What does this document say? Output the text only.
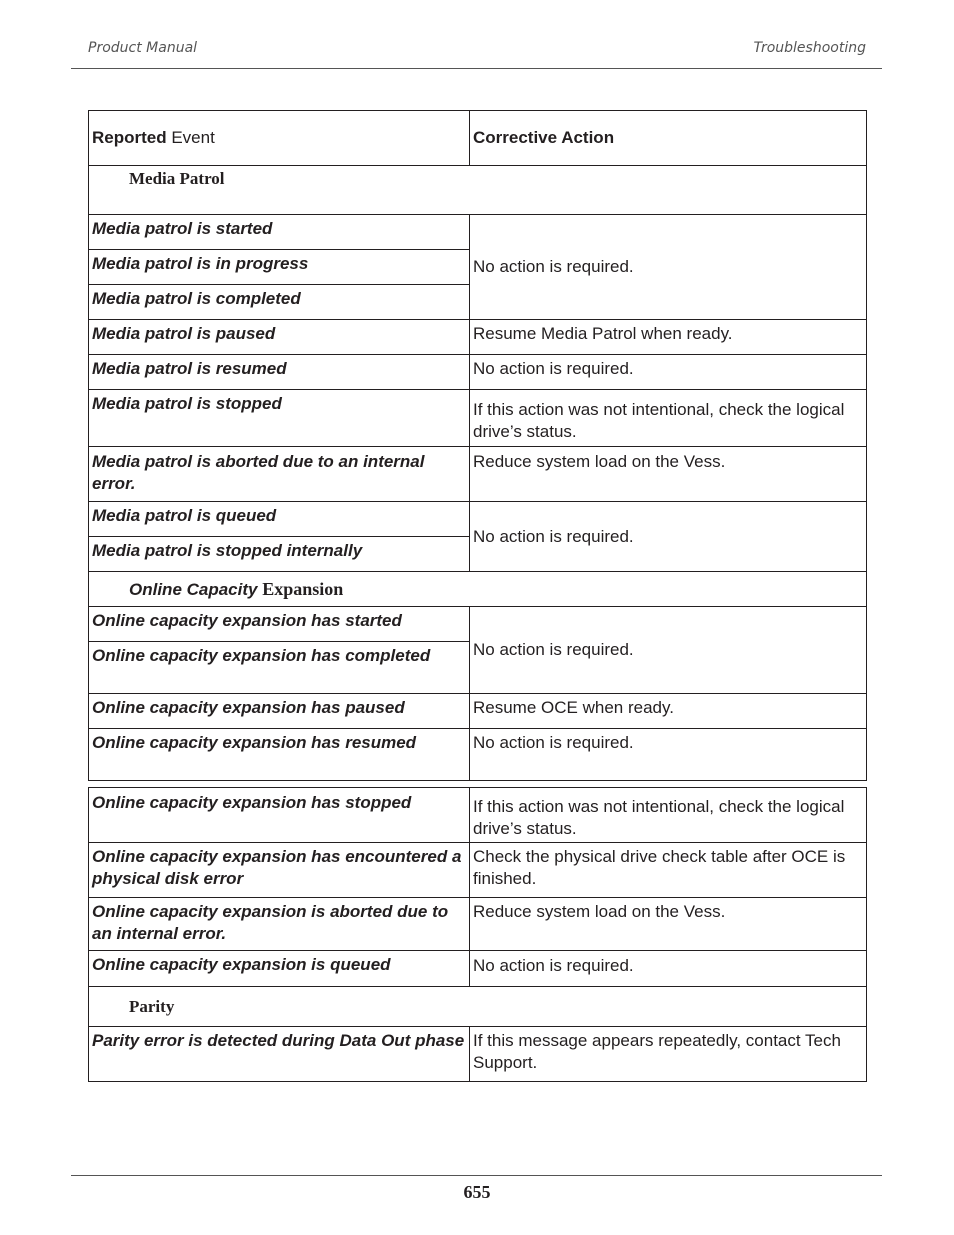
Product Manual	Troubleshooting
Reported Event	Corrective Action
Media Patrol	
Media patrol is started	No action is required.
Media patrol is in progress	
Media patrol is completed	
Media patrol is paused	Resume Media Patrol when ready.
Media patrol is resumed	No action is required.
Media patrol is stopped	If this action was not intentional, check the logical drive’s status.
Media patrol is aborted due to an internal error.	Reduce system load on the Vess.
Media patrol is queued	No action is required.
Media patrol is stopped internally	
Online Capacity Expansion	
Online capacity expansion has started	No action is required.
Online capacity expansion has completed	
Online capacity expansion has paused	Resume OCE when ready.
Online capacity expansion has resumed	No action is required.
Online capacity expansion has stopped	If this action was not intentional, check the logical drive’s status.
Online capacity expansion has encountered a physical disk error	Check the physical drive check table after OCE is finished.
Online capacity expansion is aborted due to an internal error.	Reduce system load on the Vess.
Online capacity expansion is queued	No action is required.
Parity	
Parity error is detected during Data Out phase	If this message appears repeatedly, contact Tech Support.
655
